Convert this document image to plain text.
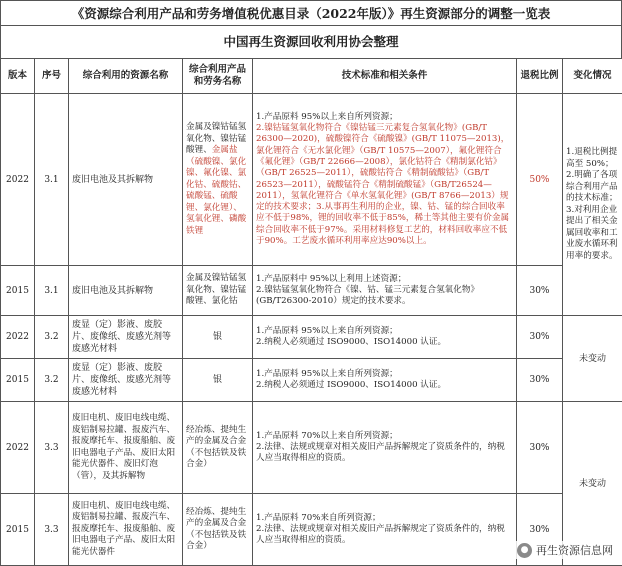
《资源综合利用产品和劳务增值税优惠目录（2022年版）》再生资源部分的调整一览表
中国再生资源回收利用协会整理
版本	序号	综合利用的资源名称	综合利用产品和劳务名称	技术标准和相关条件	退税比例	变化情况
2022	3.1	废旧电池及其拆解物	金属及镍钴锰氢氧化物、镍钴锰酸锂、金属盐（硫酸镍、氯化镍、氟化镍、氯化钴、硫酸钴、硫酸锰、硫酸锂、氯化锂）、氢氧化锂、磷酸铁锂	1.产品原料 95%以上来自所列资源；
2.镍钴锰氢氧化物符合《镍钴锰三元素复合氢氧化物》(GB/T 26300—2020)，硫酸镍符合《硫酸镍》(GB/T 11075—2013)，氯化锂符合《无水氯化锂》（GB/T 10575—2007），氟化锂符合《氟化锂》（GB/T 22666—2008），氯化钴符合《精制氯化钴》（GB/T 26525—2011），硫酸钴符合《精制硫酸钴》（GB/T 26523—2011），硫酸锰符合《精制硫酸锰》（GB/T26524—2011），氢氧化锂符合《单水氢氧化锂》(GB/T 8766—2013）规定的技术要求；3.从事再生利用的企业，镍、钴、锰的综合回收率应不低于98%，锂的回收率不低于85%，稀土等其他主要有价金属综合回收率不低于97%。采用材料修复工艺的，材料回收率应不低于90%。工艺废水循环利用率应达90%以上。	50%	1.退税比例提高至 50%；2.明确了各项综合利用产品的技术标准；3.对利用企业提出了相关金属回收率和工业废水循环利用率的要求。
2015	3.1	废旧电池及其拆解物	金属及镍钴锰氢氧化物、镍钴锰酸锂、氯化钴	1.产品原料中 95%以上利用上述资源；
2.镍钴锰氢氧化物符合《镍、钴、锰三元素复合氢氧化物》(GB/T26300-2010）规定的技术要求。	30%	
2022	3.2	废显（定）影液、废胶片、废像纸、废感光剂等废感光材料	银	1.产品原料 95%以上来自所列资源；
2.纳税人必须通过 ISO9000、ISO14000 认证。	30%	未变动
2015	3.2	废显（定）影液、废胶片、废像纸、废感光剂等废感光材料	银	1.产品原料 95%以上来自所列资源；
2.纳税人必须通过 ISO9000、ISO14000 认证。	30%	
2022	3.3	废旧电机、废旧电线电缆、废铝制易拉罐、报废汽车、报废摩托车、报废船舶、废旧电器电子产品、废旧太阳能光伏器件、废旧灯泡（管），及其拆解物	经冶炼、提纯生产的金属及合金（不包括铁及铁合金）	1.产品原料 70%以上来自所列资源；
2.法律、法规或规章对相关废旧产品拆解规定了资质条件的，纳税人应当取得相应的资质。	30%	未变动
2015	3.3	废旧电机、废旧电线电缆、废铝制易拉罐、报废汽车、报废摩托车、报废船舶、废旧电器电子产品、废旧太阳能光伏器件	经冶炼、提纯生产的金属及合金（不包括铁及铁合金）	1.产品原料 70%来自所列资源；
2.法律、法规或规章对相关废旧产品拆解规定了资质条件的，纳税人应当取得相应的资质。	30%	
● 再生资源信息网
